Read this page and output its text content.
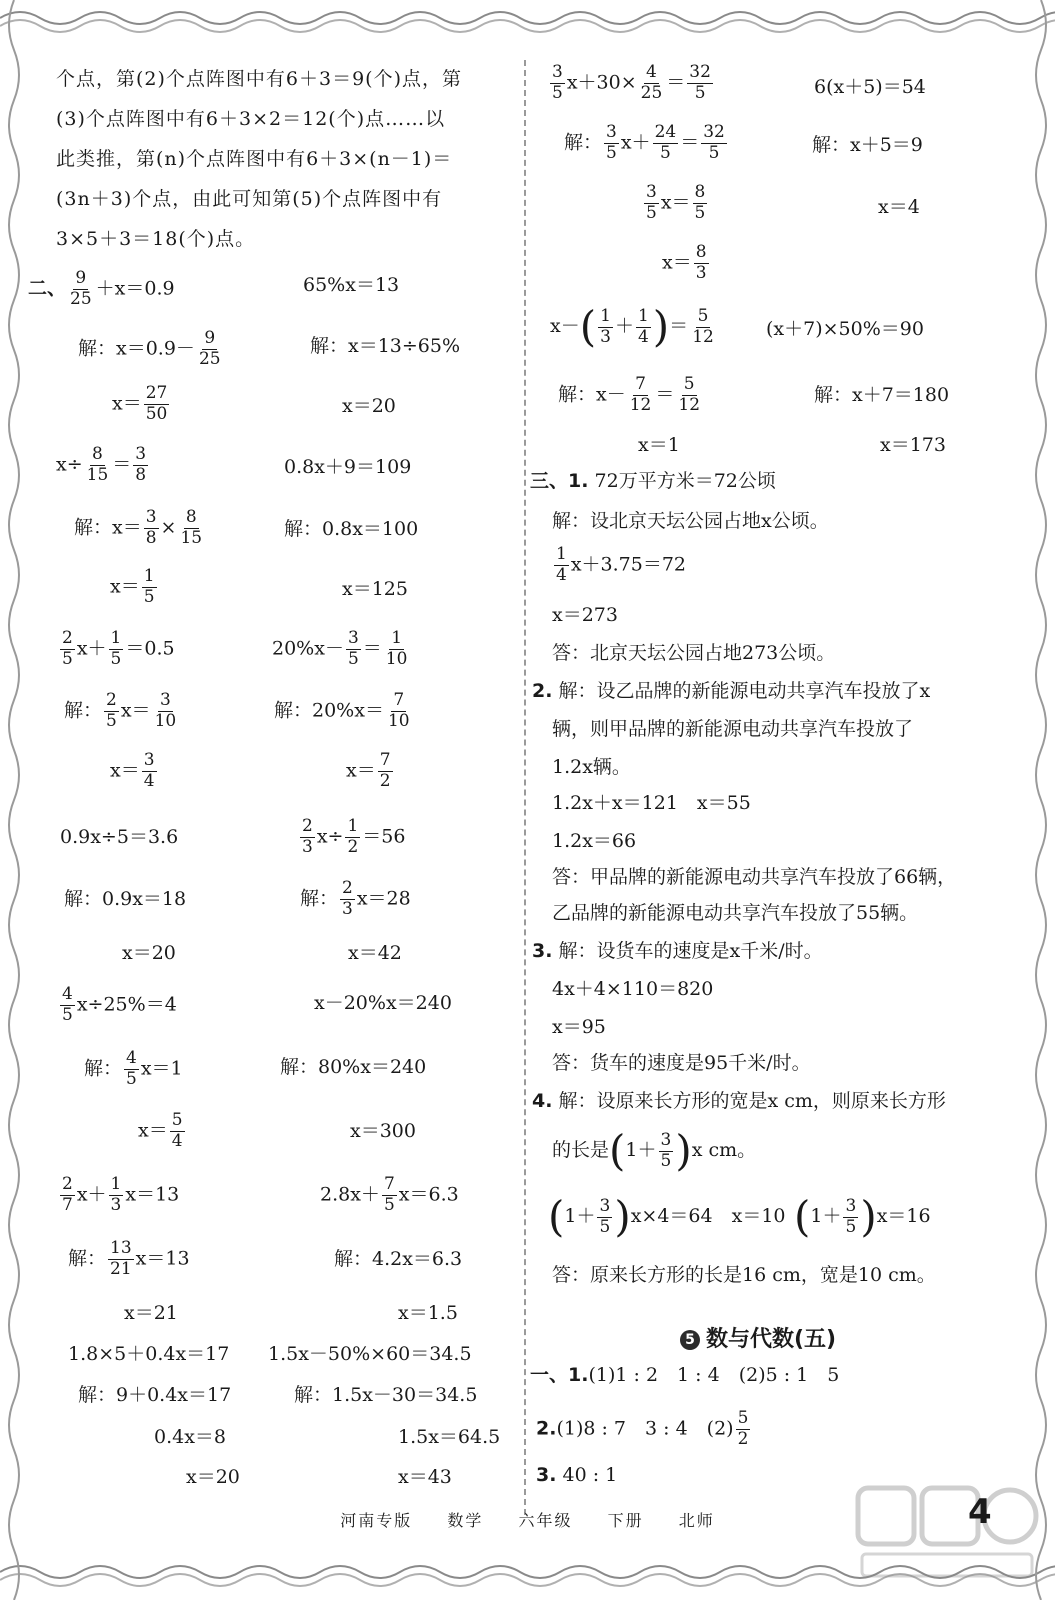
个点，第(2)个点阵图中有6＋3＝9(个)点，第
(3)个点阵图中有6＋3×2＝12(个)点……以
此类推，第(n)个点阵图中有6＋3×(n－1)＝
(3n＋3)个点，由此可知第(5)个点阵图中有
3×5＋3＝18(个)点。
二、 $\frac{9}{25} +x=0.9$	65%x＝13
解：$x=0.9- \frac{9}{25}$	解：x＝13÷65%
$x= \frac{27}{50}$	x＝20
$x\div \frac{8}{15} = \frac{3}{8}$	0.8x＋9＝109
解：$x= \frac{3}{8} \times \frac{8}{15}$	解：0.8x＝100
$x= \frac{1}{5}$	x＝125
$\frac{2}{5} x+ \frac{1}{5} =0.5$	$20\%x- \frac{3}{5} = \frac{1}{10}$
解： $\frac{2}{5} x= \frac{3}{10}$	解：$20\%x= \frac{7}{10}$
$x= \frac{3}{4}$	$x= \frac{7}{2}$
0.9x÷5＝3.6	$\frac{2}{3} x\div \frac{1}{2} =56$
解：0.9x＝18	解： $\frac{2}{3} x=28$
x＝20	x＝42
$\frac{4}{5} x\div 25\%=4$	x－20%x＝240
解： $\frac{4}{5} x=1$	解：80%x＝240
$x= \frac{5}{4}$	x＝300
$\frac{2}{7} x+ \frac{1}{3} x=13$	$2.8x+ \frac{7}{5} x=6.3$
解： $\frac{13}{21} x=13$	解：4.2x＝6.3
x＝21	x＝1.5
1.8×5＋0.4x＝17 1.5x－50%×60＝34.5
解：9＋0.4x＝17	解：1.5x－30＝34.5
0.4x＝8	1.5x＝64.5
x＝20	x＝43
$\frac{3}{5} x+30\times \frac{4}{25} = \frac{32}{5}$	6(x＋5)＝54
解： $\frac{3}{5} x+ \frac{24}{5} = \frac{32}{5}$	解：x＋5＝9
$\frac{3}{5} x= \frac{8}{5}$	x＝4
$x= \frac{8}{3}$
$x-( \frac{1}{3} + \frac{1}{4}$ )＝ $\frac{5}{12}$	(x＋7)×50%＝90
解：$x- \frac{7}{12} = \frac{5}{12}$	解：x＋7＝180
x＝1	x＝173
三、1. 72万平方米＝72公顷
解：设北京天坛公园占地x公顷。
$\frac{1}{4} x+3.75=72$
x＝273
答：北京天坛公园占地273公顷。
2. 解：设乙品牌的新能源电动共享汽车投放了x
辆，则甲品牌的新能源电动共享汽车投放了
1.2x辆。
1.2x＋x＝121　x＝55
1.2x＝66
答：甲品牌的新能源电动共享汽车投放了66辆，
乙品牌的新能源电动共享汽车投放了55辆。
3. 解：设货车的速度是x千米/时。
4x＋4×110＝820
x＝95
答：货车的速度是95千米/时。
4. 解：设原来长方形的宽是x cm，则原来长方形
的长是$(1+ \frac{3}{5} )x$ cm。
$(1+ \frac{3}{5} )x\times 4=64$　x＝10 $(1+ \frac{3}{5} )x=16$
答：原来长方形的长是16 cm，宽是10 cm。
一、1.(1)1 : 2　1 : 4　(2)5 : 1　5
2.(1)8 : 7　3 : 4　$(2) \frac{5}{2}$
3. 40 : 1
5 数与代数(五)
河南专版 数学 六年级 下册 北师	4
